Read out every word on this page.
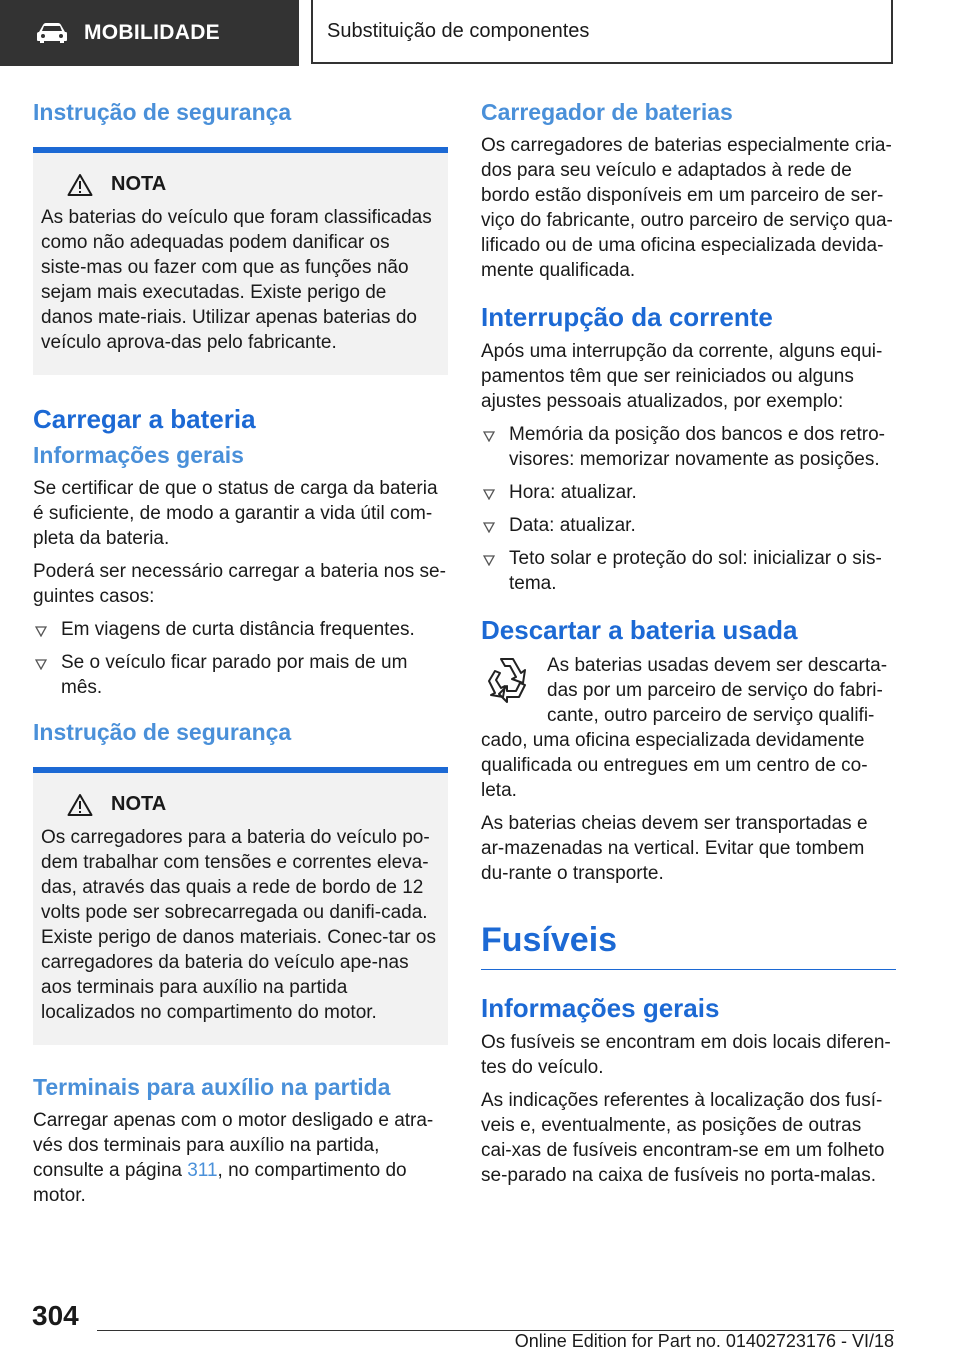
MOBILIDADE	Substituição de componentes
Instrução de segurança
NOTA

As baterias do veículo que foram classificadas como não adequadas podem danificar os siste-mas ou fazer com que as funções não sejam mais executadas. Existe perigo de danos mate-riais. Utilizar apenas baterias do veículo aprova-das pelo fabricante.

Carregar a bateria
Informações gerais

Se certificar de que o status de carga da bateria é suficiente, de modo a garantir a vida útil com-pleta da bateria.

Poderá ser necessário carregar a bateria nos se-guintes casos:

Em viagens de curta distância frequentes.
Se o veículo ficar parado por mais de um mês.
Instrução de segurança
NOTA

Os carregadores para a bateria do veículo po-dem trabalhar com tensões e correntes eleva-das, através das quais a rede de bordo de 12 volts pode ser sobrecarregada ou danifi-cada. Existe perigo de danos materiais. Conec-tar os carregadores da bateria do veículo ape-nas aos terminais para auxílio na partida localizados no compartimento do motor.

Terminais para auxílio na partida

Carregar apenas com o motor desligado e atra-vés dos terminais para auxílio na partida, consulte a página 311, no compartimento do motor.

Carregador de baterias

Os carregadores de baterias especialmente cria-dos para seu veículo e adaptados à rede de bordo estão disponíveis em um parceiro de ser-viço do fabricante, outro parceiro de serviço qua-lificado ou de uma oficina especializada devida-mente qualificada.

Interrupção da corrente

Após uma interrupção da corrente, alguns equi-pamentos têm que ser reiniciados ou alguns ajustes pessoais atualizados, por exemplo:

Memória da posição dos bancos e dos retro-visores: memorizar novamente as posições.
Hora: atualizar.
Data: atualizar.
Teto solar e proteção do sol: inicializar o sis-tema.
Descartar a bateria usada

As baterias usadas devem ser descarta-das por um parceiro de serviço do fabri-cante, outro parceiro de serviço qualifi-cado, uma oficina especializada devidamente qualificada ou entregues em um centro de co-leta.

As baterias cheias devem ser transportadas e ar-mazenadas na vertical. Evitar que tombem du-rante o transporte.

Fusíveis
Informações gerais

Os fusíveis se encontram em dois locais diferen-tes do veículo.

As indicações referentes à localização dos fusí-veis e, eventualmente, as posições de outras cai-xas de fusíveis encontram-se em um folheto se-parado na caixa de fusíveis no porta-malas.

304
Online Edition for Part no. 01402723176 - VI/18
